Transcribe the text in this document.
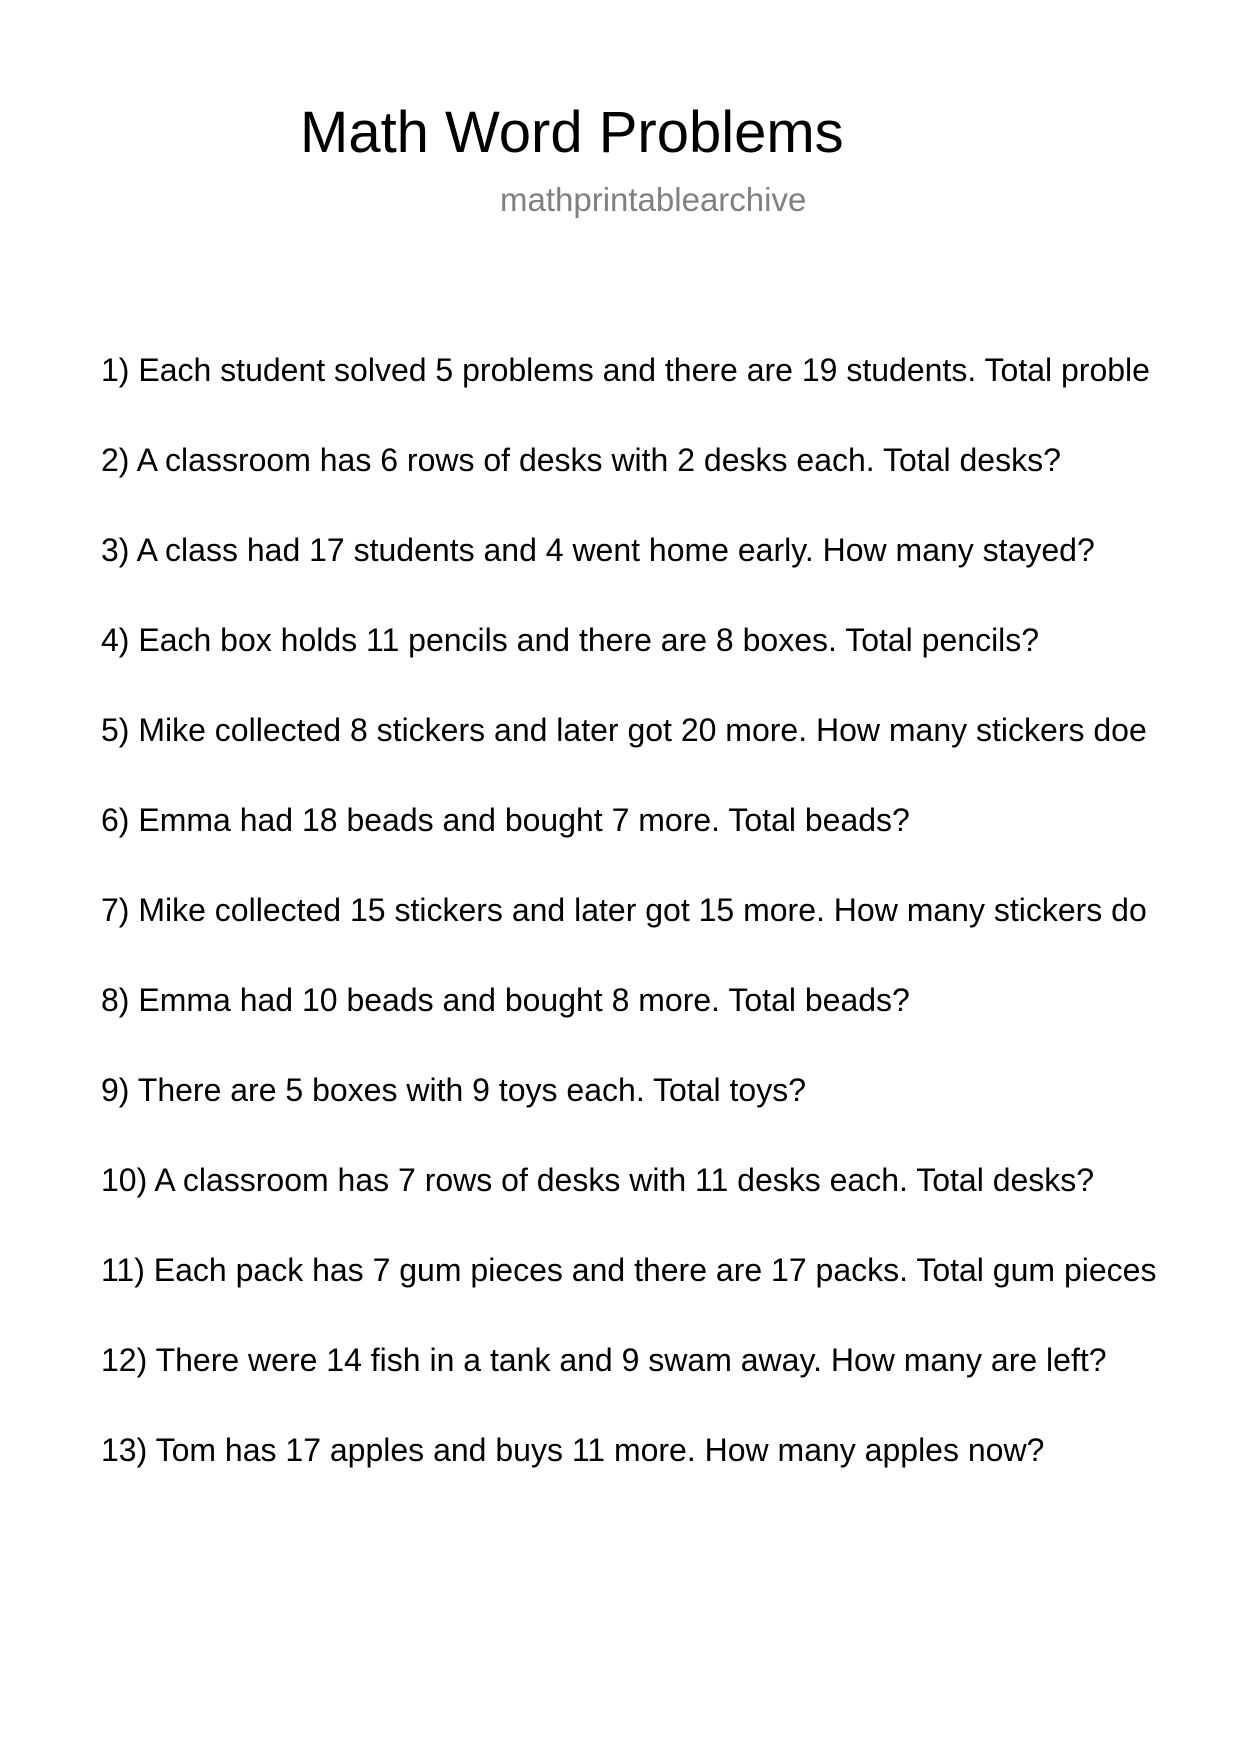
Math Word Problems
mathprintablearchive
1) Each student solved 5 problems and there are 19 students. Total proble
2) A classroom has 6 rows of desks with 2 desks each. Total desks?
3) A class had 17 students and 4 went home early. How many stayed?
4) Each box holds 11 pencils and there are 8 boxes. Total pencils?
5) Mike collected 8 stickers and later got 20 more. How many stickers doe
6) Emma had 18 beads and bought 7 more. Total beads?
7) Mike collected 15 stickers and later got 15 more. How many stickers do
8) Emma had 10 beads and bought 8 more. Total beads?
9) There are 5 boxes with 9 toys each. Total toys?
10) A classroom has 7 rows of desks with 11 desks each. Total desks?
11) Each pack has 7 gum pieces and there are 17 packs. Total gum pieces
12) There were 14 fish in a tank and 9 swam away. How many are left?
13) Tom has 17 apples and buys 11 more. How many apples now?
